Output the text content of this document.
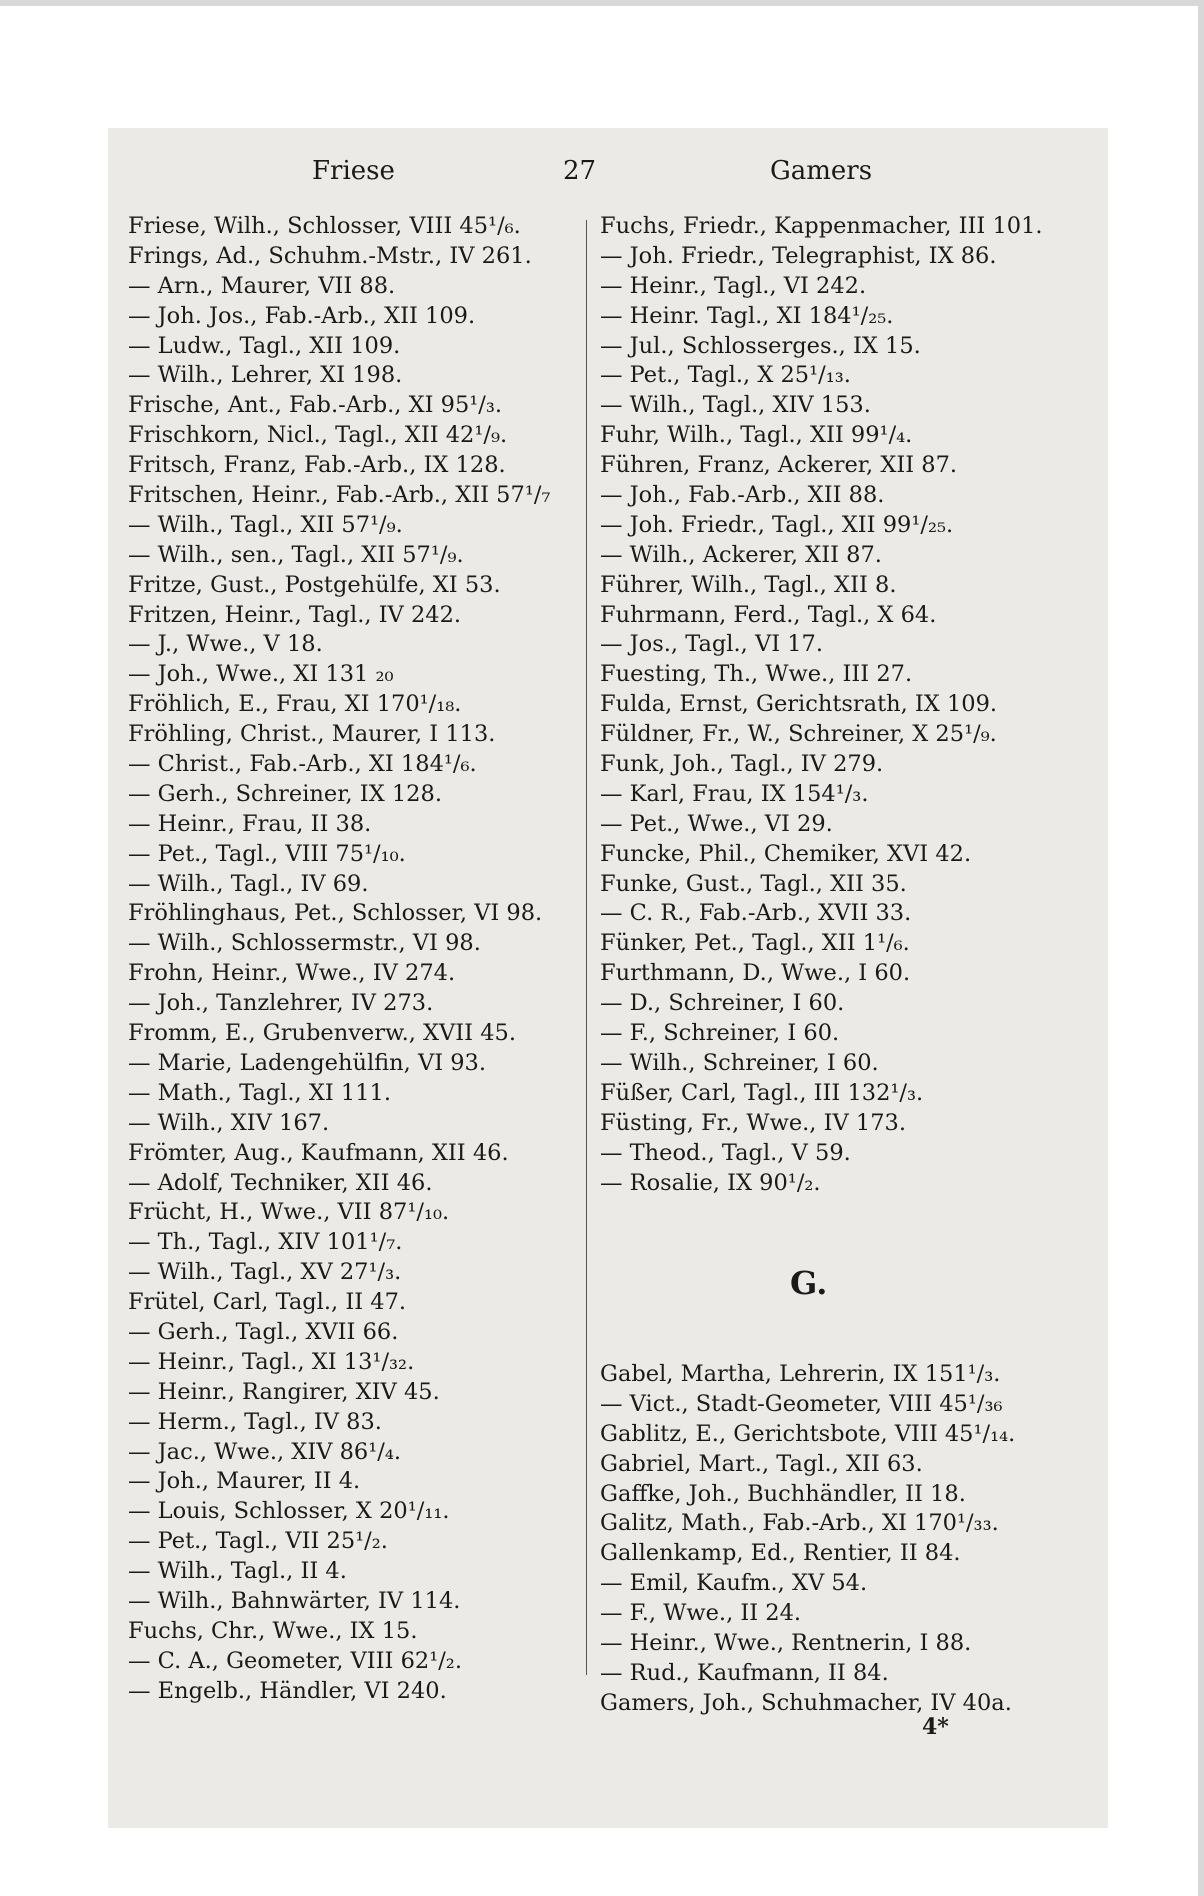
Friese	27	Gamers
Friese, Wilh., Schlosser, VIII 45¹/₆.
Frings, Ad., Schuhm.-Mstr., IV 261.
— Arn., Maurer, VII 88.
— Joh. Jos., Fab.-Arb., XII 109.
— Ludw., Tagl., XII 109.
— Wilh., Lehrer, XI 198.
Frische, Ant., Fab.-Arb., XI 95¹/₃.
Frischkorn, Nicl., Tagl., XII 42¹/₉.
Fritsch, Franz, Fab.-Arb., IX 128.
Fritschen, Heinr., Fab.-Arb., XII 57¹/₇
— Wilh., Tagl., XII 57¹/₉.
— Wilh., sen., Tagl., XII 57¹/₉.
Fritze, Gust., Postgehülfe, XI 53.
Fritzen, Heinr., Tagl., IV 242.
— J., Wwe., V 18.
— Joh., Wwe., XI 131 ₂₀
Fröhlich, E., Frau, XI 170¹/₁₈.
Fröhling, Christ., Maurer, I 113.
— Christ., Fab.-Arb., XI 184¹/₆.
— Gerh., Schreiner, IX 128.
— Heinr., Frau, II 38.
— Pet., Tagl., VIII 75¹/₁₀.
— Wilh., Tagl., IV 69.
Fröhlinghaus, Pet., Schlosser, VI 98.
— Wilh., Schlossermstr., VI 98.
Frohn, Heinr., Wwe., IV 274.
— Joh., Tanzlehrer, IV 273.
Fromm, E., Grubenverw., XVII 45.
— Marie, Ladengehülfin, VI 93.
— Math., Tagl., XI 111.
— Wilh., XIV 167.
Frömter, Aug., Kaufmann, XII 46.
— Adolf, Techniker, XII 46.
Frücht, H., Wwe., VII 87¹/₁₀.
— Th., Tagl., XIV 101¹/₇.
— Wilh., Tagl., XV 27¹/₃.
Frütel, Carl, Tagl., II 47.
— Gerh., Tagl., XVII 66.
— Heinr., Tagl., XI 13¹/₃₂.
— Heinr., Rangirer, XIV 45.
— Herm., Tagl., IV 83.
— Jac., Wwe., XIV 86¹/₄.
— Joh., Maurer, II 4.
— Louis, Schlosser, X 20¹/₁₁.
— Pet., Tagl., VII 25¹/₂.
— Wilh., Tagl., II 4.
— Wilh., Bahnwärter, IV 114.
Fuchs, Chr., Wwe., IX 15.
— C. A., Geometer, VIII 62¹/₂.
— Engelb., Händler, VI 240.
Fuchs, Friedr., Kappenmacher, III 101.
— Joh. Friedr., Telegraphist, IX 86.
— Heinr., Tagl., VI 242.
— Heinr. Tagl., XI 184¹/₂₅.
— Jul., Schlosserges., IX 15.
— Pet., Tagl., X 25¹/₁₃.
— Wilh., Tagl., XIV 153.
Fuhr, Wilh., Tagl., XII 99¹/₄.
Führen, Franz, Ackerer, XII 87.
— Joh., Fab.-Arb., XII 88.
— Joh. Friedr., Tagl., XII 99¹/₂₅.
— Wilh., Ackerer, XII 87.
Führer, Wilh., Tagl., XII 8.
Fuhrmann, Ferd., Tagl., X 64.
— Jos., Tagl., VI 17.
Fuesting, Th., Wwe., III 27.
Fulda, Ernst, Gerichtsrath, IX 109.
Füldner, Fr., W., Schreiner, X 25¹/₉.
Funk, Joh., Tagl., IV 279.
— Karl, Frau, IX 154¹/₃.
— Pet., Wwe., VI 29.
Funcke, Phil., Chemiker, XVI 42.
Funke, Gust., Tagl., XII 35.
— C. R., Fab.-Arb., XVII 33.
Fünker, Pet., Tagl., XII 1¹/₆.
Furthmann, D., Wwe., I 60.
— D., Schreiner, I 60.
— F., Schreiner, I 60.
— Wilh., Schreiner, I 60.
Füßer, Carl, Tagl., III 132¹/₃.
Füsting, Fr., Wwe., IV 173.
— Theod., Tagl., V 59.
— Rosalie, IX 90¹/₂.
G.
Gabel, Martha, Lehrerin, IX 151¹/₃.
— Vict., Stadt-Geometer, VIII 45¹/₃₆
Gablitz, E., Gerichtsbote, VIII 45¹/₁₄.
Gabriel, Mart., Tagl., XII 63.
Gaffke, Joh., Buchhändler, II 18.
Galitz, Math., Fab.-Arb., XI 170¹/₃₃.
Gallenkamp, Ed., Rentier, II 84.
— Emil, Kaufm., XV 54.
— F., Wwe., II 24.
— Heinr., Wwe., Rentnerin, I 88.
— Rud., Kaufmann, II 84.
Gamers, Joh., Schuhmacher, IV 40a.
4*
